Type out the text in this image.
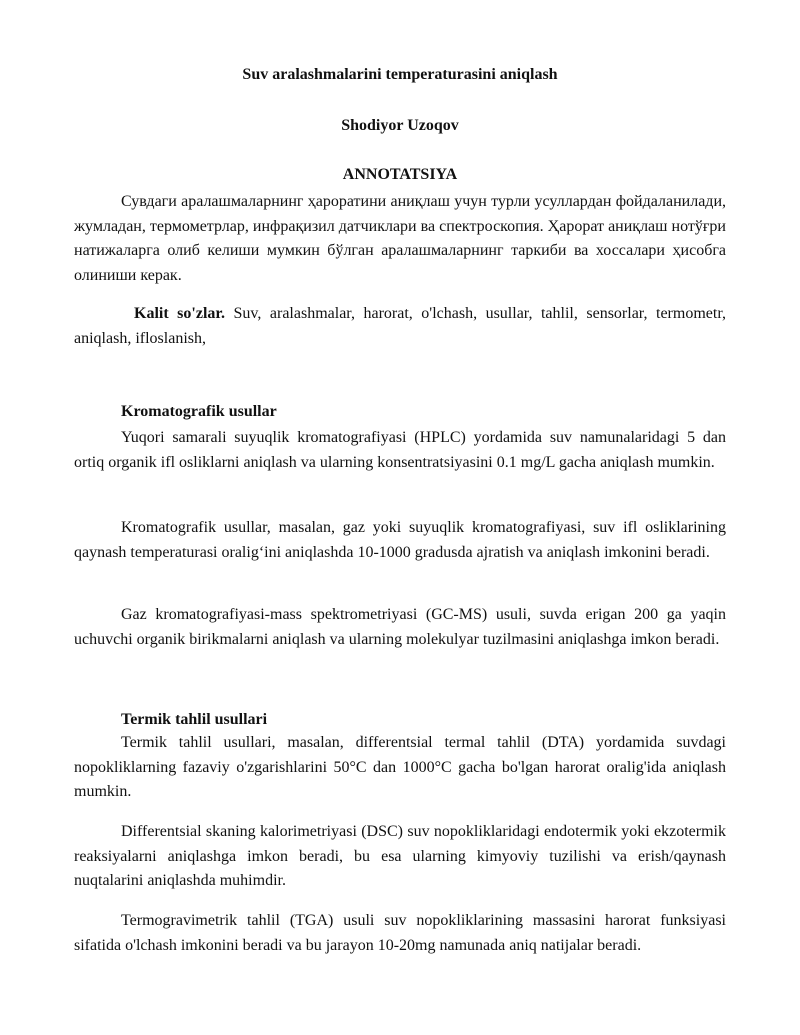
Suv aralashmalarini temperaturasini aniqlash
Shodiyor Uzoqov
ANNOTATSIYA

Сувдаги аралашмаларнинг ҳароратини аниқлаш учун турли усуллардан фойдаланилади, жумладан, термометрлар, инфрақизил датчиклари ва спектроскопия. Ҳарорат аниқлаш нотўғри натижаларга олиб келиши мумкин бўлган аралашмаларнинг таркиби ва хоссалари ҳисобга олиниши керак.

Kalit so'zlar. Suv, aralashmalar, harorat, o'lchash, usullar, tahlil, sensorlar, termometr, aniqlash, ifloslanish,

Kromatografik usullar

Yuqori samarali suyuqlik kromatografiyasi (HPLC) yordamida suv namunalaridagi 5 dan ortiq organik ifl osliklarni aniqlash va ularning konsentratsiyasini 0.1 mg/L gacha aniqlash mumkin.

Kromatografik usullar, masalan, gaz yoki suyuqlik kromatografiyasi, suv ifl osliklarining qaynash temperaturasi oralig‘ini aniqlashda 10-1000 gradusda ajratish va aniqlash imkonini beradi.

Gaz kromatografiyasi-mass spektrometriyasi (GC-MS) usuli, suvda erigan 200 ga yaqin uchuvchi organik birikmalarni aniqlash va ularning molekulyar tuzilmasini aniqlashga imkon beradi.

Termik tahlil usullari

Termik tahlil usullari, masalan, differentsial termal tahlil (DTA) yordamida suvdagi nopokliklarning fazaviy o'zgarishlarini 50°C dan 1000°C gacha bo'lgan harorat oralig'ida aniqlash mumkin.

Differentsial skaning kalorimetriyasi (DSC) suv nopokliklaridagi endotermik yoki ekzotermik reaksiyalarni aniqlashga imkon beradi, bu esa ularning kimyoviy tuzilishi va erish/qaynash nuqtalarini aniqlashda muhimdir.

Termogravimetrik tahlil (TGA) usuli suv nopokliklarining massasini harorat funksiyasi sifatida o'lchash imkonini beradi va bu jarayon 10-20mg namunada aniq natijalar beradi.
